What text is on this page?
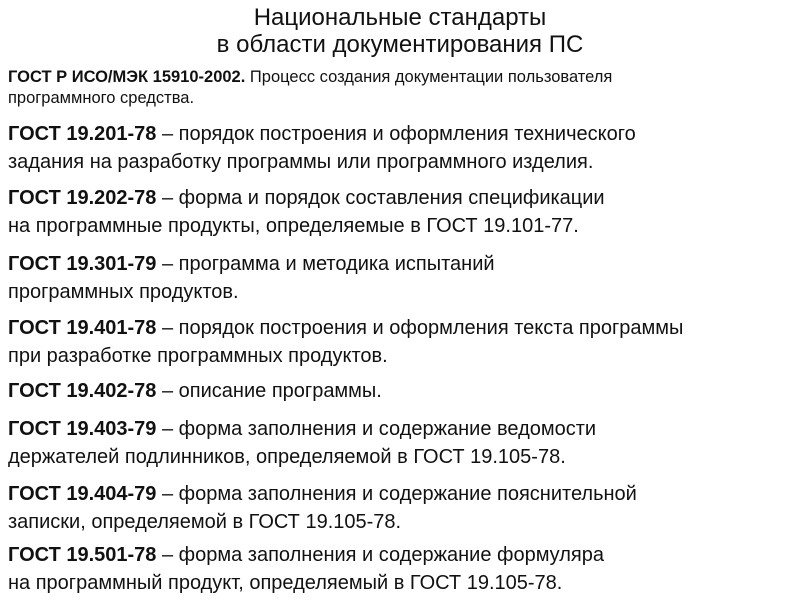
Национальные стандарты
в области документирования ПС

ГОСТ Р ИСО/МЭК 15910-2002. Процесс создания документации пользователя
программного средства.

ГОСТ 19.201-78 – порядок построения и оформления технического
задания на разработку программы или программного изделия.

ГОСТ 19.202-78 – форма и порядок составления спецификации
на программные продукты, определяемые в ГОСТ 19.101-77.

ГОСТ 19.301-79 – программа и методика испытаний
программных продуктов.

ГОСТ 19.401-78 – порядок построения и оформления текста программы
при разработке программных продуктов.

ГОСТ 19.402-78 – описание программы.

ГОСТ 19.403-79 – форма заполнения и содержание ведомости
держателей подлинников, определяемой в ГОСТ 19.105-78.

ГОСТ 19.404-79 – форма заполнения и содержание пояснительной
записки, определяемой в ГОСТ 19.105-78.

ГОСТ 19.501-78 – форма заполнения и содержание формуляра
на программный продукт, определяемый в ГОСТ 19.105-78.
